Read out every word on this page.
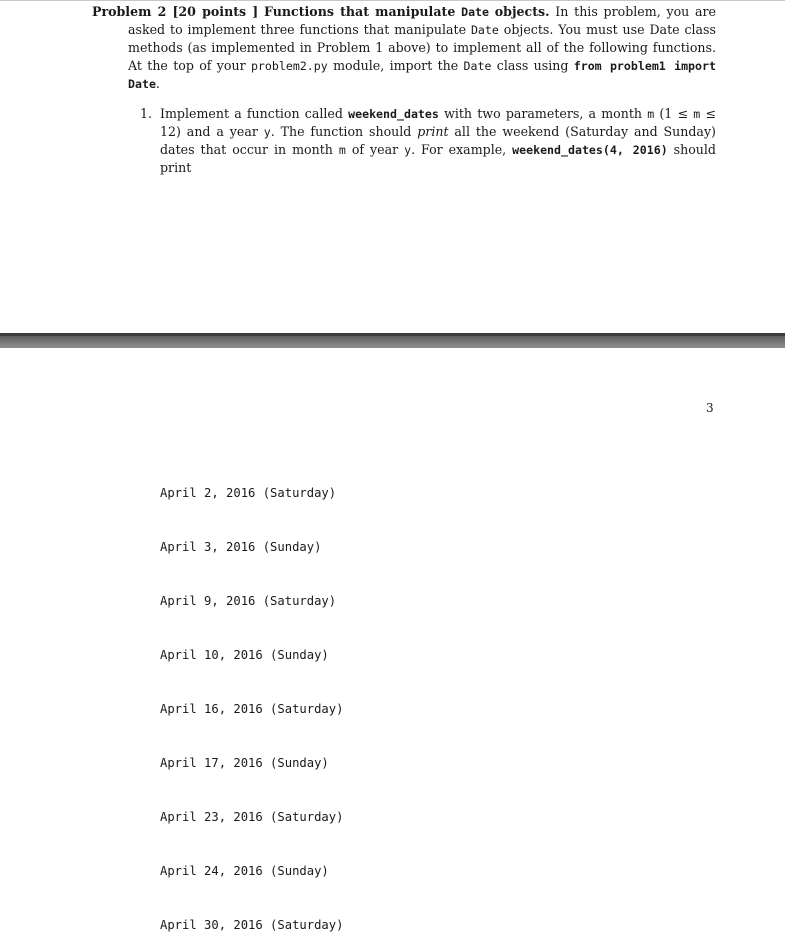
Problem 2 [20 points ] Functions that manipulate Date objects. In this problem, you are asked to implement three functions that manipulate Date objects. You must use Date class methods (as implemented in Problem 1 above) to implement all of the following functions. At the top of your problem2.py module, import the Date class using from problem1 import Date.

1. Implement a function called weekend_dates with two parameters, a month m (1 ≤ m ≤ 12) and a year y. The function should print all the weekend (Saturday and Sunday) dates that occur in month m of year y. For example, weekend_dates(4, 2016) should print

3

April 2, 2016 (Saturday)

April 3, 2016 (Sunday)

April 9, 2016 (Saturday)

April 10, 2016 (Sunday)

April 16, 2016 (Saturday)

April 17, 2016 (Sunday)

April 23, 2016 (Saturday)

April 24, 2016 (Sunday)

April 30, 2016 (Saturday)
